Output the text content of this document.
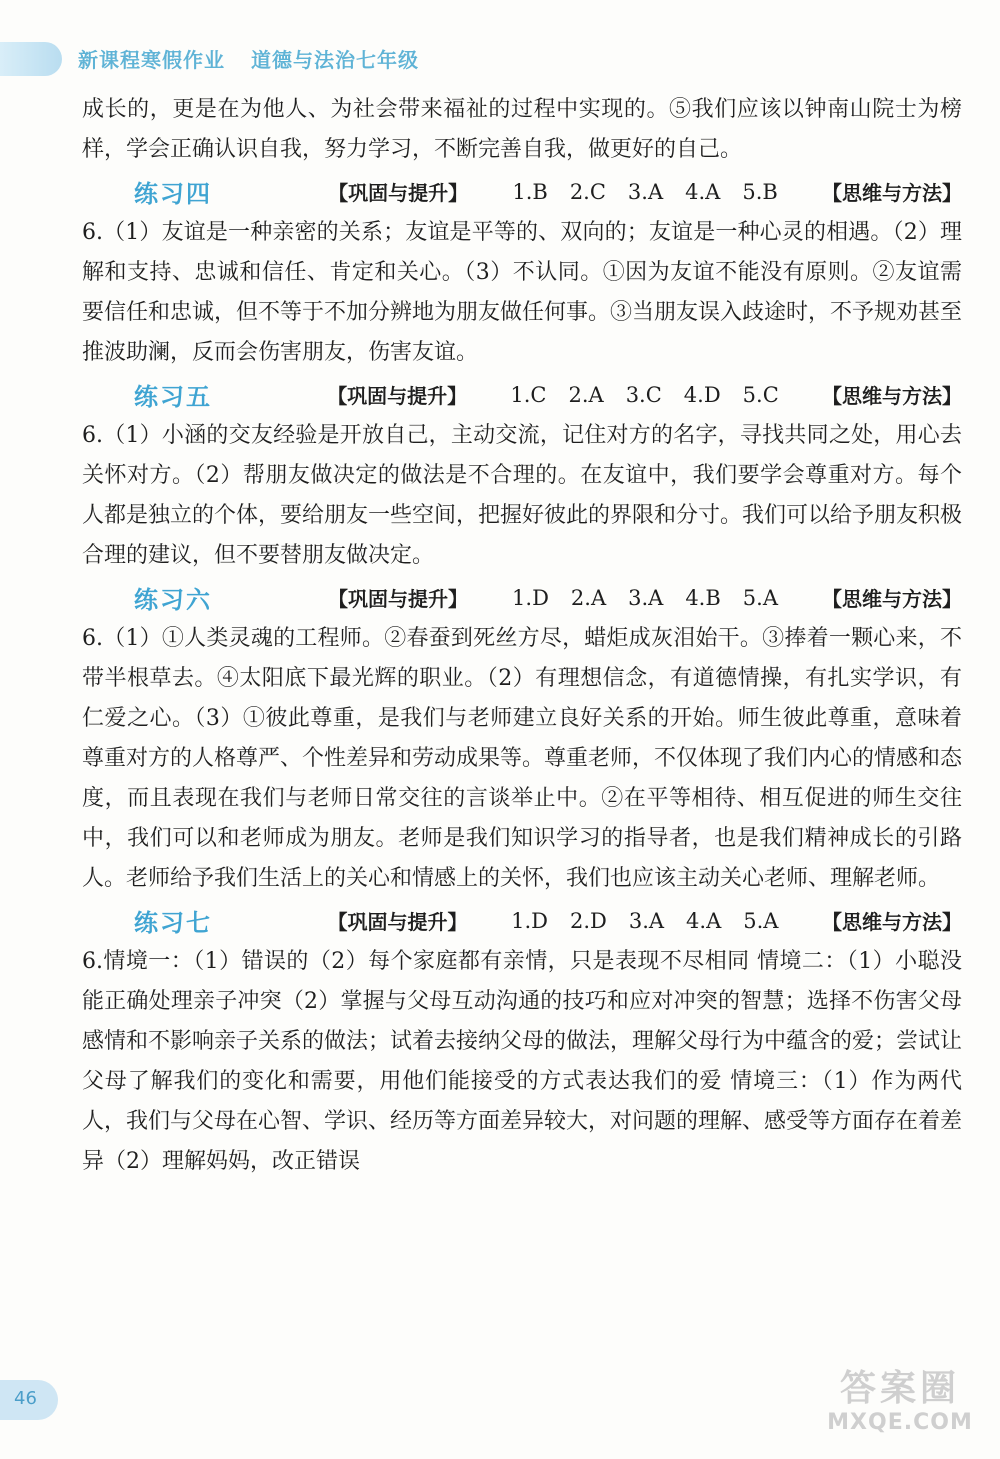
新课程寒假作业 道德与法治七年级

成长的，更是在为他人、为社会带来福祉的过程中实现的。⑤我们应该以钟南山院士为榜样，学会正确认识自我，努力学习，不断完善自我，做更好的自己。

练习四	【巩固与提升】 1.B 2.C 3.A 4.A 5.B 【思维与方法】

6.（1）友谊是一种亲密的关系；友谊是平等的、双向的；友谊是一种心灵的相遇。（2）理解和支持、忠诚和信任、肯定和关心。（3）不认同。①因为友谊不能没有原则。②友谊需要信任和忠诚，但不等于不加分辨地为朋友做任何事。③当朋友误入歧途时，不予规劝甚至推波助澜，反而会伤害朋友，伤害友谊。

练习五	【巩固与提升】 1.C 2.A 3.C 4.D 5.C 【思维与方法】

6.（1）小涵的交友经验是开放自己，主动交流，记住对方的名字，寻找共同之处，用心去关怀对方。（2）帮朋友做决定的做法是不合理的。在友谊中，我们要学会尊重对方。每个人都是独立的个体，要给朋友一些空间，把握好彼此的界限和分寸。我们可以给予朋友积极合理的建议，但不要替朋友做决定。

练习六	【巩固与提升】 1.D 2.A 3.A 4.B 5.A 【思维与方法】

6.（1）①人类灵魂的工程师。②春蚕到死丝方尽，蜡炬成灰泪始干。③捧着一颗心来，不带半根草去。④太阳底下最光辉的职业。（2）有理想信念，有道德情操，有扎实学识，有仁爱之心。（3）①彼此尊重，是我们与老师建立良好关系的开始。师生彼此尊重，意味着尊重对方的人格尊严、个性差异和劳动成果等。尊重老师，不仅体现了我们内心的情感和态度，而且表现在我们与老师日常交往的言谈举止中。②在平等相待、相互促进的师生交往中，我们可以和老师成为朋友。老师是我们知识学习的指导者，也是我们精神成长的引路人。老师给予我们生活上的关心和情感上的关怀，我们也应该主动关心老师、理解老师。

练习七	【巩固与提升】 1.D 2.D 3.A 4.A 5.A 【思维与方法】

6.情境一：（1）错误的（2）每个家庭都有亲情，只是表现不尽相同 情境二：（1）小聪没能正确处理亲子冲突（2）掌握与父母互动沟通的技巧和应对冲突的智慧；选择不伤害父母感情和不影响亲子关系的做法；试着去接纳父母的做法，理解父母行为中蕴含的爱；尝试让父母了解我们的变化和需要，用他们能接受的方式表达我们的爱 情境三：（1）作为两代人，我们与父母在心智、学识、经历等方面差异较大，对问题的理解、感受等方面存在着差异（2）理解妈妈，改正错误

46	答案圈
MXQE.COM
